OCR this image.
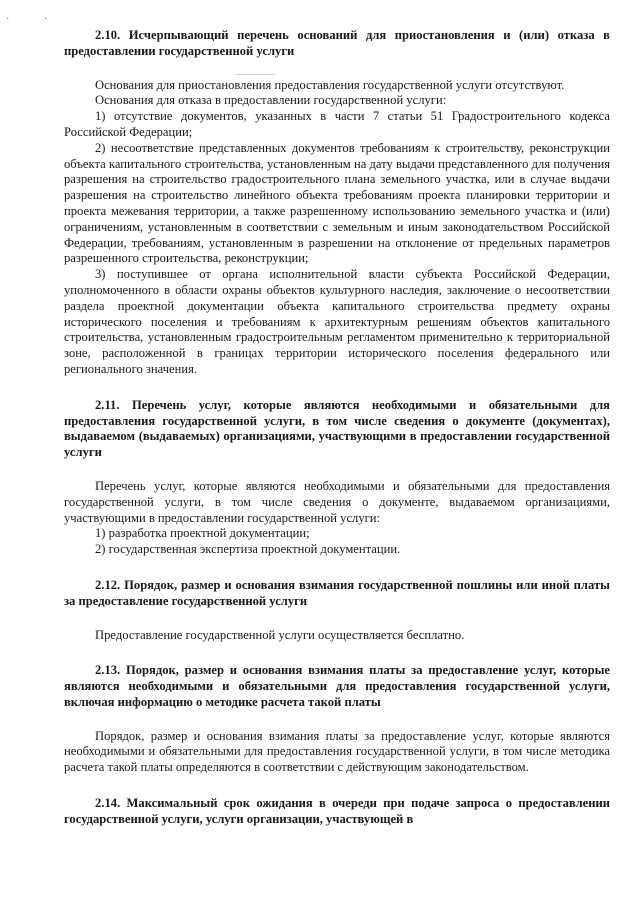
·	·

2.10. Исчерпывающий перечень оснований для приостановления и (или) отказа в предоставлении государственной услуги

Основания для приостановления предоставления государственной услуги отсутствуют.

Основания для отказа в предоставлении государственной услуги:

1) отсутствие документов, указанных в части 7 статьи 51 Градостроительного кодекса Российской Федерации;

2) несоответствие представленных документов требованиям к строительству, реконструкции объекта капитального строительства, установленным на дату выдачи представленного для получения разрешения на строительство градостроительного плана земельного участка, или в случае выдачи разрешения на строительство линейного объекта требованиям проекта планировки территории и проекта межевания территории, а также разрешенному использованию земельного участка и (или) ограничениям, установленным в соответствии с земельным и иным законодательством Российской Федерации, требованиям, установленным в разрешении на отклонение от предельных параметров разрешенного строительства, реконструкции;

3) поступившее от органа исполнительной власти субъекта Российской Федерации, уполномоченного в области охраны объектов культурного наследия, заключение о несоответствии раздела проектной документации объекта капитального строительства предмету охраны исторического поселения и требованиям к архитектурным решениям объектов капитального строительства, установленным градостроительным регламентом применительно к территориальной зоне, расположенной в границах территории исторического поселения федерального или регионального значения.

2.11. Перечень услуг, которые являются необходимыми и обязательными для предоставления государственной услуги, в том числе сведения о документе (документах), выдаваемом (выдаваемых) организациями, участвующими в предоставлении государственной услуги

Перечень услуг, которые являются необходимыми и обязательными для предоставления государственной услуги, в том числе сведения о документе, выдаваемом организациями, участвующими в предоставлении государственной услуги:

1) разработка проектной документации;

2) государственная экспертиза проектной документации.

2.12. Порядок, размер и основания взимания государственной пошлины или иной платы за предоставление государственной услуги

Предоставление государственной услуги осуществляется бесплатно.

2.13. Порядок, размер и основания взимания платы за предоставление услуг, которые являются необходимыми и обязательными для предоставления государственной услуги, включая информацию о методике расчета такой платы

Порядок, размер и основания взимания платы за предоставление услуг, которые являются необходимыми и обязательными для предоставления государственной услуги, в том числе методика расчета такой платы определяются в соответствии с действующим законодательством.

2.14. Максимальный срок ожидания в очереди при подаче запроса о предоставлении государственной услуги, услуги организации, участвующей в
